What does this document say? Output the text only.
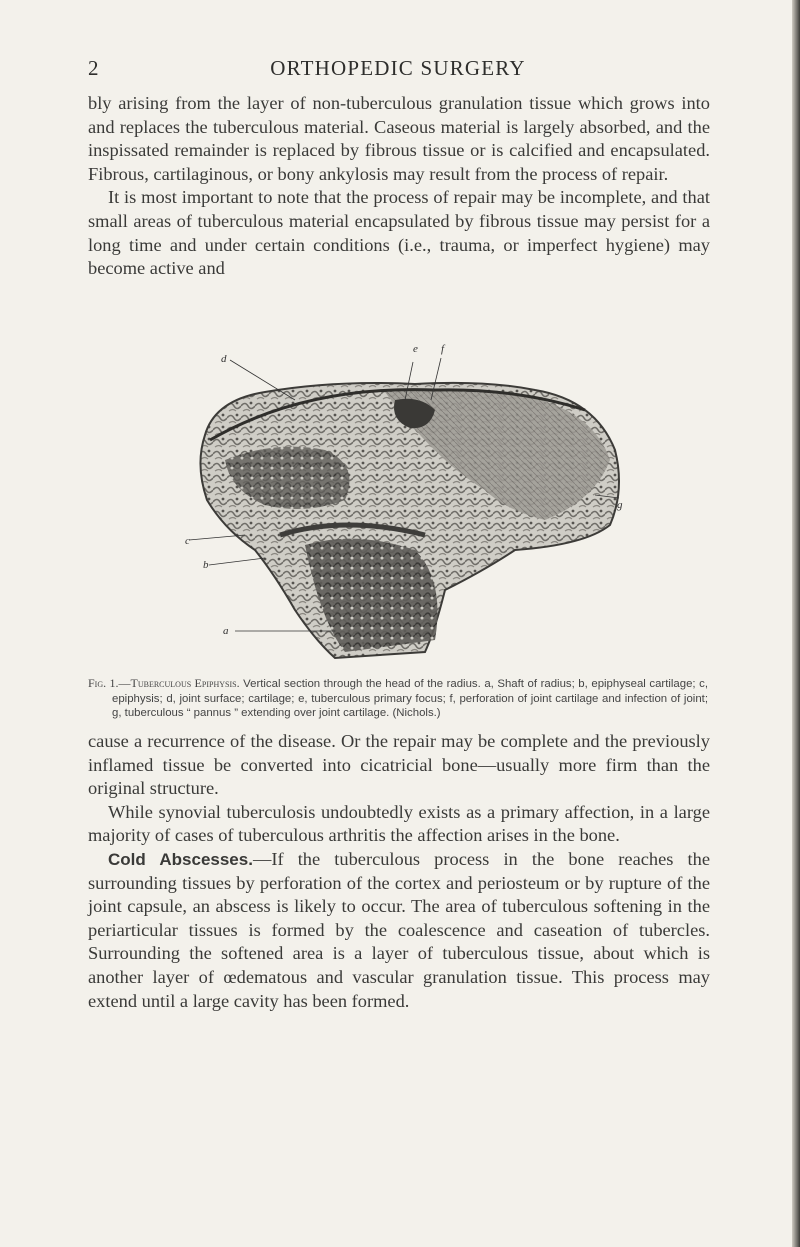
2	ORTHOPEDIC SURGERY

bly arising from the layer of non-tuberculous granulation tissue which grows into and replaces the tuberculous material. Caseous material is largely absorbed, and the inspissated remainder is replaced by fibrous tissue or is calcified and encapsulated. Fibrous, cartilaginous, or bony ankylosis may result from the process of repair.

It is most important to note that the process of repair may be incomplete, and that small areas of tuberculous material encapsulated by fibrous tissue may persist for a long time and under certain conditions (i.e., trauma, or imperfect hygiene) may become active and

d
e f
g
c
b
a
Fig. 1.—Tuberculous Epiphysis. Vertical section through the head of the radius. a, Shaft of radius; b, epiphyseal cartilage; c, epiphysis; d, joint surface; cartilage; e, tuberculous primary focus; f, perforation of joint cartilage and infection of joint; g, tuberculous “ pannus ” extending over joint cartilage. (Nichols.)

cause a recurrence of the disease. Or the repair may be complete and the previously inflamed tissue be converted into cicatricial bone—usually more firm than the original structure.

While synovial tuberculosis undoubtedly exists as a primary affection, in a large majority of cases of tuberculous arthritis the affection arises in the bone.

Cold Abscesses.—If the tuberculous process in the bone reaches the surrounding tissues by perforation of the cortex and periosteum or by rupture of the joint capsule, an abscess is likely to occur. The area of tuberculous softening in the periarticular tissues is formed by the coalescence and caseation of tubercles. Surrounding the softened area is a layer of tuberculous tissue, about which is another layer of œdematous and vascular granulation tissue. This process may extend until a large cavity has been formed.
